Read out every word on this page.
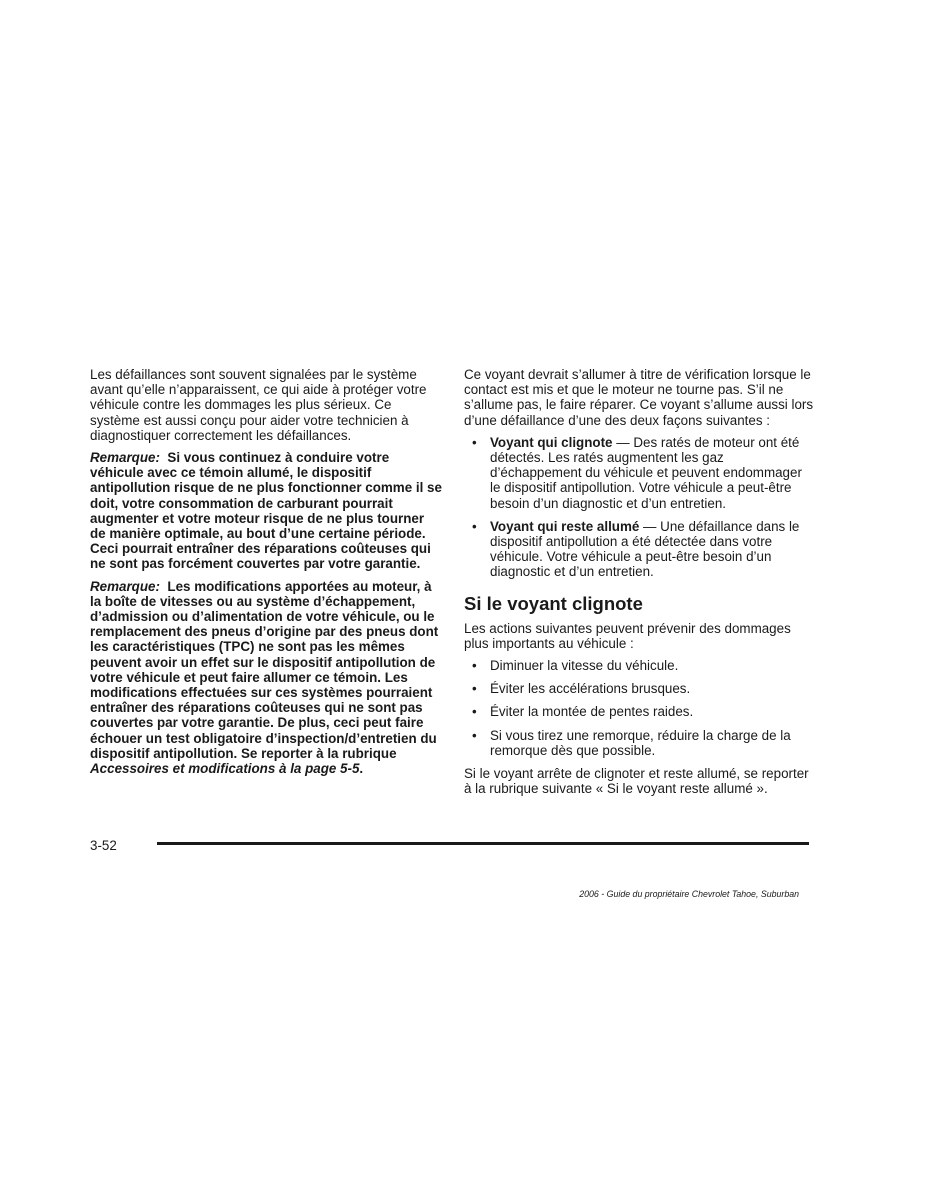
Les défaillances sont souvent signalées par le système avant qu’elle n’apparaissent, ce qui aide à protéger votre véhicule contre les dommages les plus sérieux. Ce système est aussi conçu pour aider votre technicien à diagnostiquer correctement les défaillances.

Remarque: Si vous continuez à conduire votre véhicule avec ce témoin allumé, le dispositif antipollution risque de ne plus fonctionner comme il se doit, votre consommation de carburant pourrait augmenter et votre moteur risque de ne plus tourner de manière optimale, au bout d’une certaine période. Ceci pourrait entraîner des réparations coûteuses qui ne sont pas forcément couvertes par votre garantie.

Remarque: Les modifications apportées au moteur, à la boîte de vitesses ou au système d’échappement, d’admission ou d’alimentation de votre véhicule, ou le remplacement des pneus d’origine par des pneus dont les caractéristiques (TPC) ne sont pas les mêmes peuvent avoir un effet sur le dispositif antipollution de votre véhicule et peut faire allumer ce témoin. Les modifications effectuées sur ces systèmes pourraient entraîner des réparations coûteuses qui ne sont pas couvertes par votre garantie. De plus, ceci peut faire échouer un test obligatoire d’inspection/d’entretien du dispositif antipollution. Se reporter à la rubrique Accessoires et modifications à la page 5-5.

Ce voyant devrait s’allumer à titre de vérification lorsque le contact est mis et que le moteur ne tourne pas. S’il ne s’allume pas, le faire réparer. Ce voyant s’allume aussi lors d’une défaillance d’une des deux façons suivantes :

• Voyant qui clignote — Des ratés de moteur ont été détectés. Les ratés augmentent les gaz d’échappement du véhicule et peuvent endommager le dispositif antipollution. Votre véhicule a peut-être besoin d’un diagnostic et d’un entretien.
• Voyant qui reste allumé — Une défaillance dans le dispositif antipollution a été détectée dans votre véhicule. Votre véhicule a peut-être besoin d’un diagnostic et d’un entretien.
Si le voyant clignote

Les actions suivantes peuvent prévenir des dommages plus importants au véhicule :

• Diminuer la vitesse du véhicule.
• Éviter les accélérations brusques.
• Éviter la montée de pentes raides.
• Si vous tirez une remorque, réduire la charge de la remorque dès que possible.

Si le voyant arrête de clignoter et reste allumé, se reporter à la rubrique suivante « Si le voyant reste allumé ».

3-52
2006 - Guide du propriétaire Chevrolet Tahoe, Suburban
